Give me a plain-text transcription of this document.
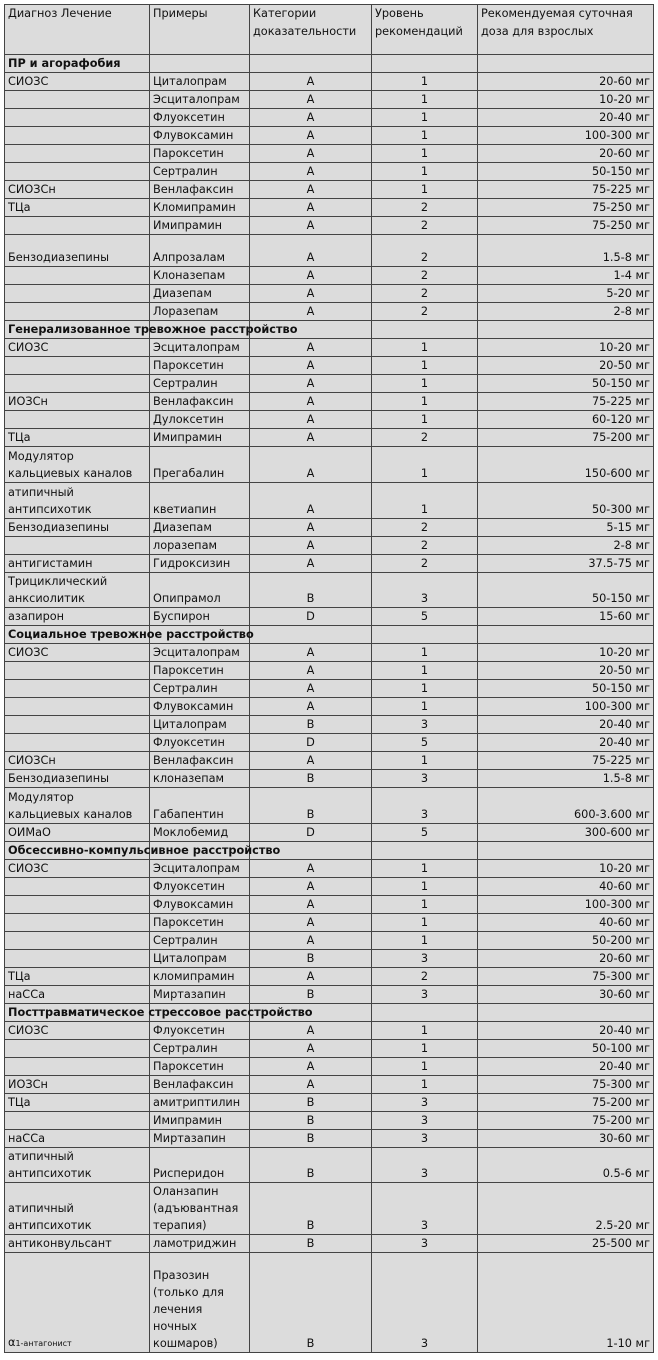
Диагноз Лечение	Примеры	Категории доказательности	Уровень рекомендаций	Рекомендуемая суточная доза для взрослых
ПР и агорафобия				
СИОЗС	Циталопрам	A	1	20-60 мг
	Эсциталопрам	A	1	10-20 мг
	Флуоксетин	A	1	20-40 мг
	Флувоксамин	A	1	100-300 мг
	Пароксетин	A	1	20-60 мг
	Сертралин	A	1	50-150 мг
СИОЗСн	Венлафаксин	A	1	75-225 мг
ТЦа	Кломипрамин	A	2	75-250 мг
	Имипрамин	A	2	75-250 мг
Бензодиазепины	Алпрозалам	A	2	1.5-8 мг
	Клоназепам	A	2	1-4 мг
	Диазепам	A	2	5-20 мг
	Лоразепам	A	2	2-8 мг
Генерализованное тревожное расстройство				
СИОЗС	Эсциталопрам	A	1	10-20 мг
	Пароксетин	A	1	20-50 мг
	Сертралин	A	1	50-150 мг
ИОЗСн	Венлафаксин	A	1	75-225 мг
	Дулоксетин	A	1	60-120 мг
ТЦа	Имипрамин	A	2	75-200 мг
Модулятор кальциевых каналов	Прегабалин	A	1	150-600 мг
атипичный антипсихотик	кветиапин	A	1	50-300 мг
Бензодиазепины	Диазепам	A	2	5-15 мг
	лоразепам	A	2	2-8 мг
антигистамин	Гидроксизин	A	2	37.5-75 мг
Трициклический анксиолитик	Опипрамол	B	3	50-150 мг
азапирон	Буспирон	D	5	15-60 мг
Социальное тревожное расстройство				
СИОЗС	Эсциталопрам	A	1	10-20 мг
	Пароксетин	A	1	20-50 мг
	Сертралин	A	1	50-150 мг
	Флувоксамин	A	1	100-300 мг
	Циталопрам	B	3	20-40 мг
	Флуоксетин	D	5	20-40 мг
СИОЗСн	Венлафаксин	A	1	75-225 мг
Бензодиазепины	клоназепам	B	3	1.5-8 мг
Модулятор кальциевых каналов	Габапентин	B	3	600-3.600 мг
ОИМаО	Моклобемид	D	5	300-600 мг
Обсессивно-компульсивное расстройство				
СИОЗС	Эсциталопрам	A	1	10-20 мг
	Флуоксетин	A	1	40-60 мг
	Флувоксамин	A	1	100-300 мг
	Пароксетин	A	1	40-60 мг
	Сертралин	A	1	50-200 мг
	Циталопрам	B	3	20-60 мг
ТЦа	кломипрамин	A	2	75-300 мг
наССа	Миртазапин	B	3	30-60 мг
Посттравматическое стрессовое расстройство				
СИОЗС	Флуоксетин	A	1	20-40 мг
	Сертралин	A	1	50-100 мг
	Пароксетин	A	1	20-40 мг
ИОЗСн	Венлафаксин	A	1	75-300 мг
ТЦа	амитриптилин	B	3	75-200 мг
	Имипрамин	B	3	75-200 мг
наССа	Миртазапин	B	3	30-60 мг
атипичный антипсихотик	Рисперидон	B	3	0.5-6 мг
атипичный антипсихотик	Оланзапин (адъювантная терапия)	B	3	2.5-20 мг
антиконвульсант	ламотриджин	B	3	25-500 мг
α1-антагонист	Празозин (только для лечения ночных кошмаров)	B	3	1-10 мг
